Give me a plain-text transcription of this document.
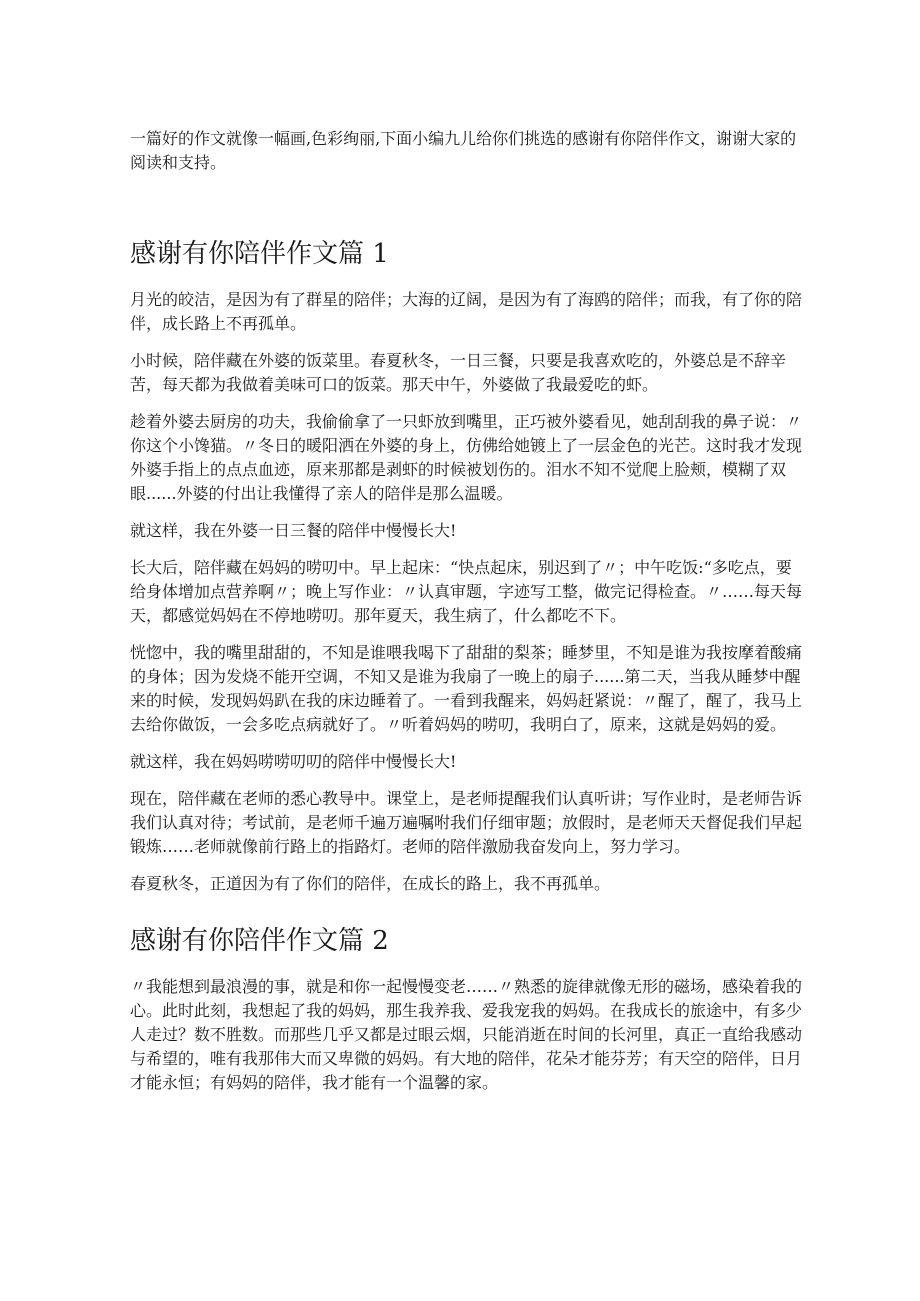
一篇好的作文就像一幅画,色彩绚丽,下面小编九儿给你们挑选的感谢有你陪伴作文，谢谢大家的阅读和支持。

感谢有你陪伴作文篇 1

月光的皎洁，是因为有了群星的陪伴；大海的辽阔，是因为有了海鸥的陪伴；而我，有了你的陪伴，成长路上不再孤单。

小时候，陪伴藏在外婆的饭菜里。春夏秋冬，一日三餐，只要是我喜欢吃的，外婆总是不辞辛苦，每天都为我做着美味可口的饭菜。那天中午，外婆做了我最爱吃的虾。

趁着外婆去厨房的功夫，我偷偷拿了一只虾放到嘴里，正巧被外婆看见，她刮刮我的鼻子说：〃你这个小馋猫。〃冬日的暖阳洒在外婆的身上，仿佛给她镀上了一层金色的光芒。这时我才发现外婆手指上的点点血迹，原来那都是剥虾的时候被划伤的。泪水不知不觉爬上脸颊，模糊了双眼......外婆的付出让我懂得了亲人的陪伴是那么温暖。

就这样，我在外婆一日三餐的陪伴中慢慢长大!

长大后，陪伴藏在妈妈的唠叨中。早上起床：“快点起床，别迟到了〃；中午吃饭:“多吃点，要给身体增加点营养啊〃；晚上写作业：〃认真审题，字迹写工整，做完记得检查。〃……每天每天，都感觉妈妈在不停地唠叨。那年夏天，我生病了，什么都吃不下。

恍惚中，我的嘴里甜甜的，不知是谁喂我喝下了甜甜的梨茶；睡梦里，不知是谁为我按摩着酸痛的身体；因为发烧不能开空调，不知又是谁为我扇了一晚上的扇子......第二天，当我从睡梦中醒来的时候，发现妈妈趴在我的床边睡着了。一看到我醒来，妈妈赶紧说：〃醒了，醒了，我马上去给你做饭，一会多吃点病就好了。〃听着妈妈的唠叨，我明白了，原来，这就是妈妈的爱。

就这样，我在妈妈唠唠叨叨的陪伴中慢慢长大!

现在，陪伴藏在老师的悉心教导中。课堂上，是老师提醒我们认真听讲；写作业时，是老师告诉我们认真对待；考试前，是老师千遍万遍嘱咐我们仔细审题；放假时，是老师天天督促我们早起锻炼……老师就像前行路上的指路灯。老师的陪伴激励我奋发向上，努力学习。

春夏秋冬，正道因为有了你们的陪伴，在成长的路上，我不再孤单。

感谢有你陪伴作文篇 2

〃我能想到最浪漫的事，就是和你一起慢慢变老……〃熟悉的旋律就像无形的磁场，感染着我的心。此时此刻，我想起了我的妈妈，那生我养我、爱我宠我的妈妈。在我成长的旅途中，有多少人走过？数不胜数。而那些几乎又都是过眼云烟，只能消逝在时间的长河里，真正一直给我感动与希望的，唯有我那伟大而又卑微的妈妈。有大地的陪伴，花朵才能芬芳；有天空的陪伴，日月才能永恒；有妈妈的陪伴，我才能有一个温馨的家。
